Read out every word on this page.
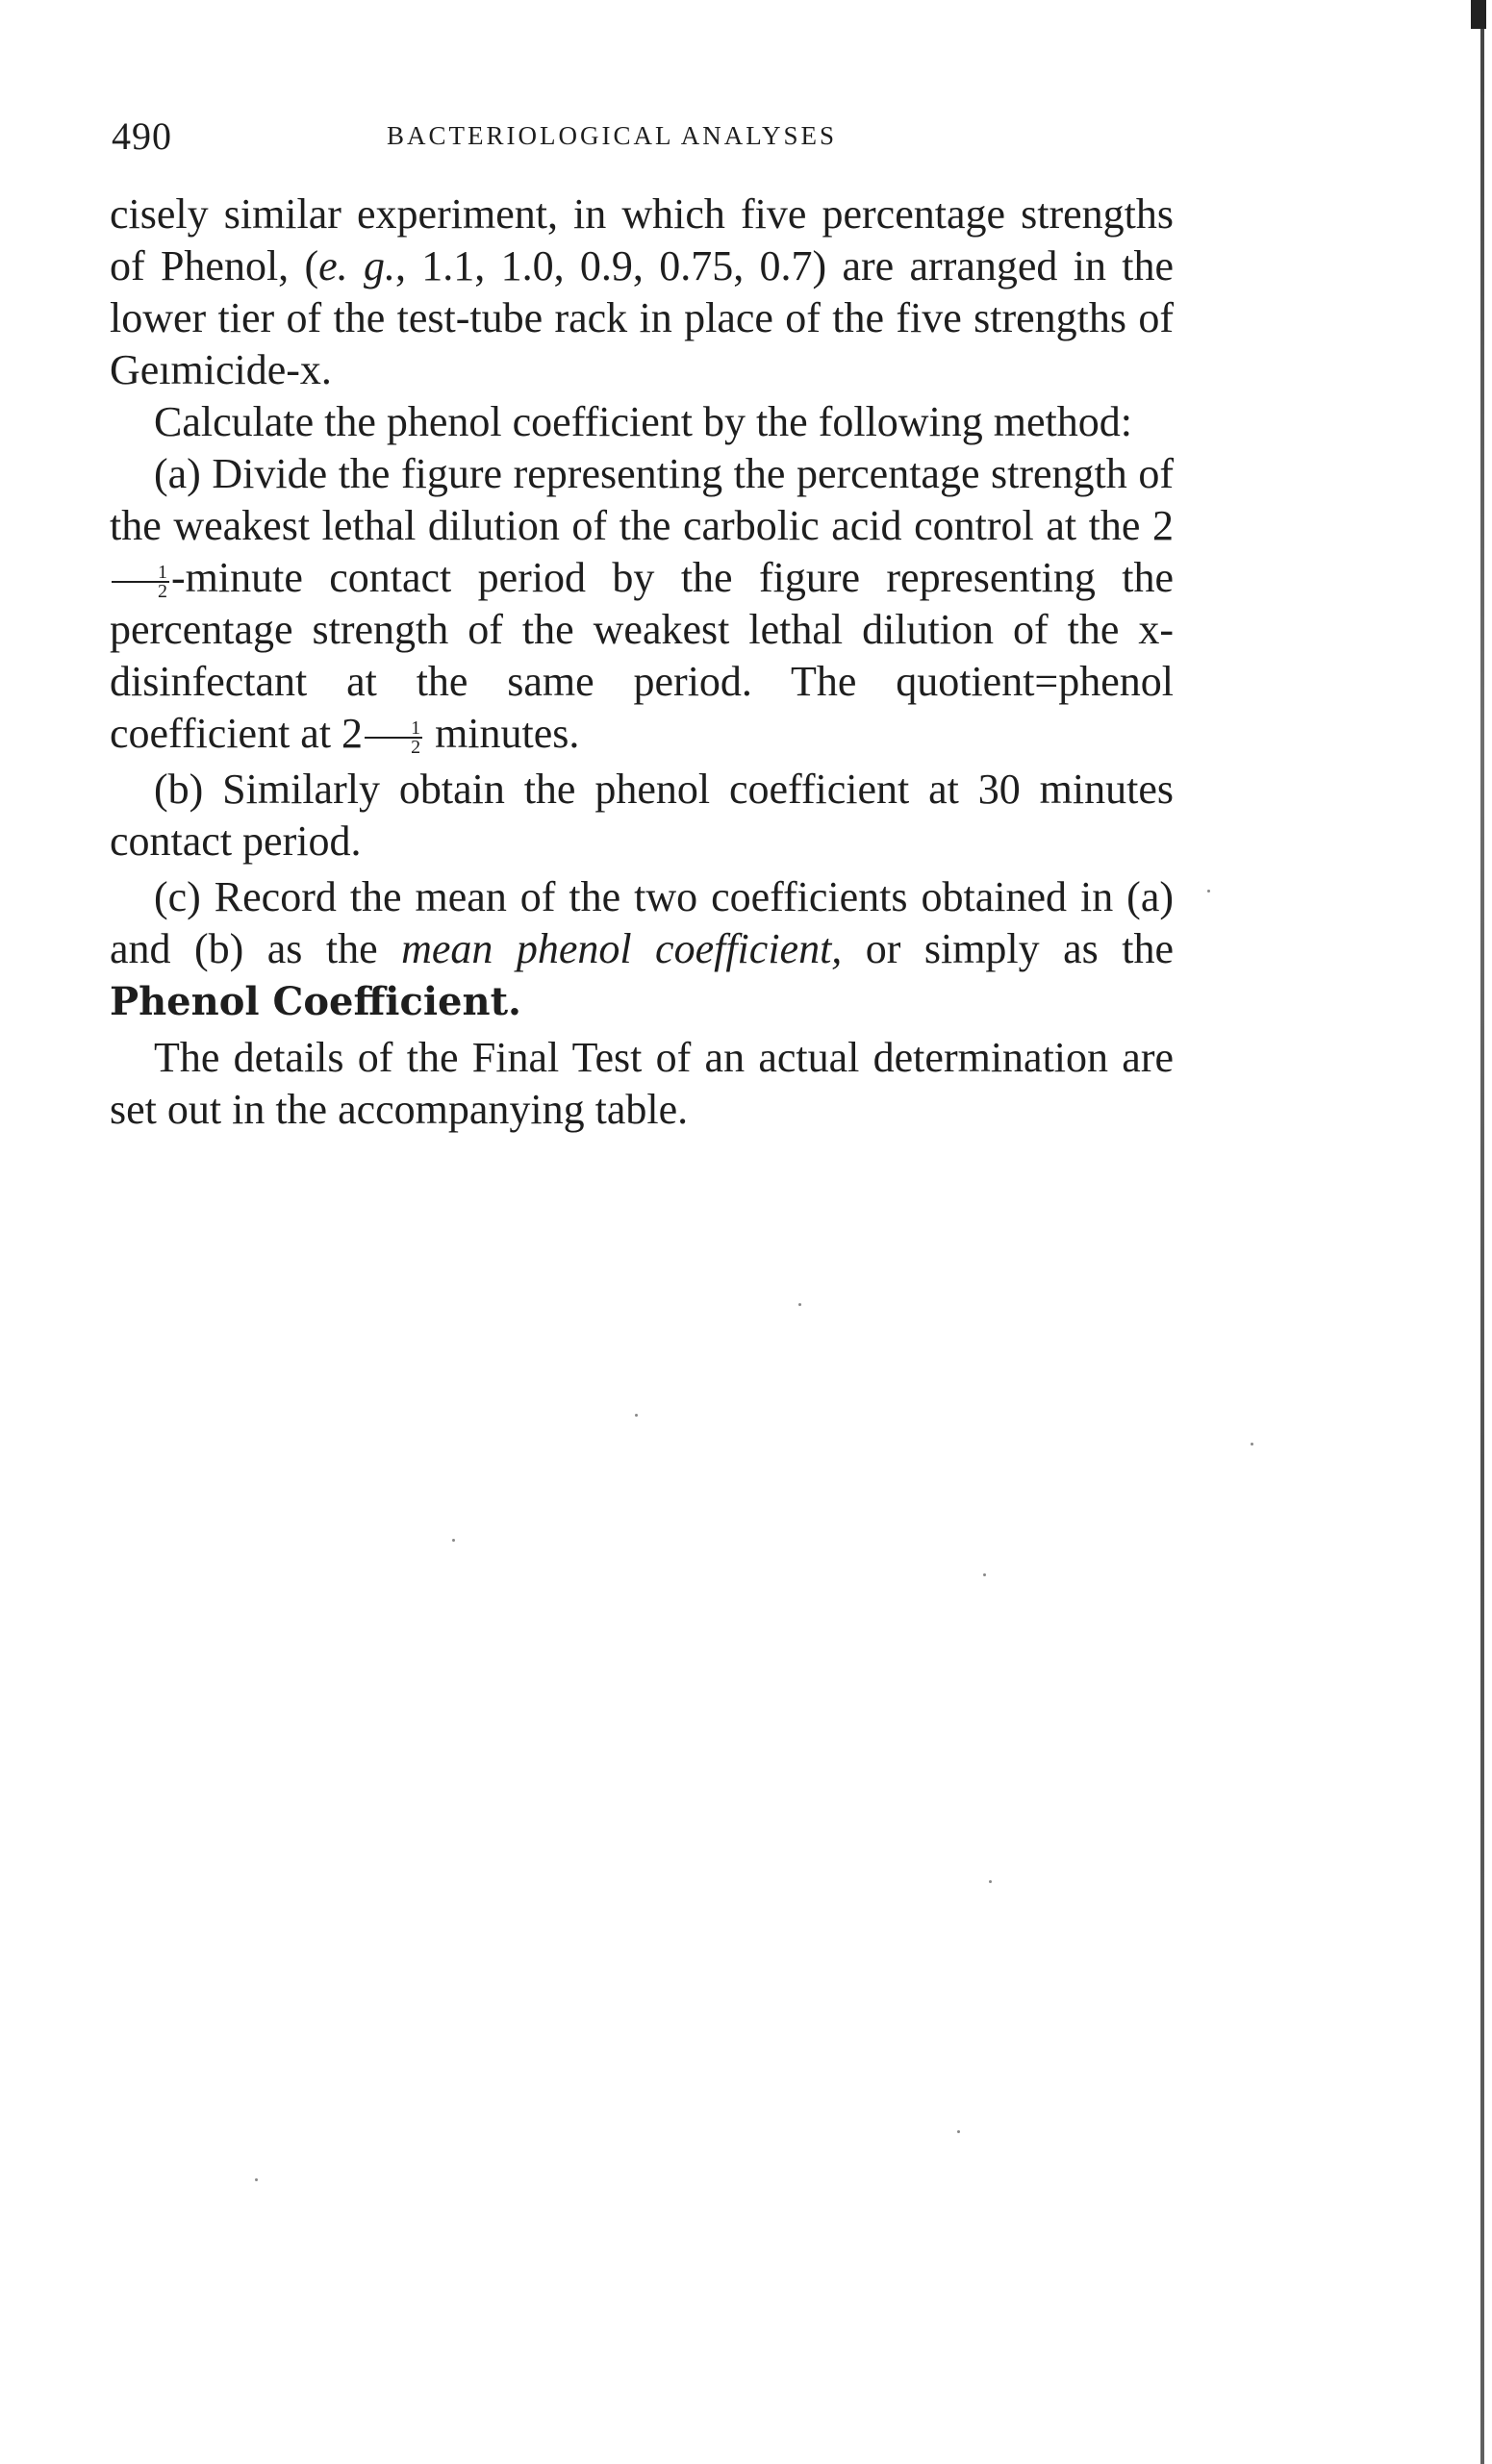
490	BACTERIOLOGICAL ANALYSES

cisely similar experiment, in which five percentage strengths of Phenol, (e. g., 1.1, 1.0, 0.9, 0.75, 0.7) are arranged in the lower tier of the test-tube rack in place of the five strengths of Geımicide-x.

Calculate the phenol coefficient by the following method:

(a) Divide the figure representing the percentage strength of the weakest lethal dilution of the carbolic acid control at the 2
$\frac{1}{2}$ -minute contact period by the figure representing the percentage strength of the weakest lethal dilution of the x-disinfectant at the same period. The quotient=phenol coefficient at $2 \frac{1}{2}$ minutes.

(b) Similarly obtain the phenol coefficient at 30 minutes contact period.

(c) Record the mean of the two coefficients obtained in (a) and (b) as the mean phenol coefficient, or simply as the Phenol Coefficient.

The details of the Final Test of an actual determination are set out in the accompanying table.
